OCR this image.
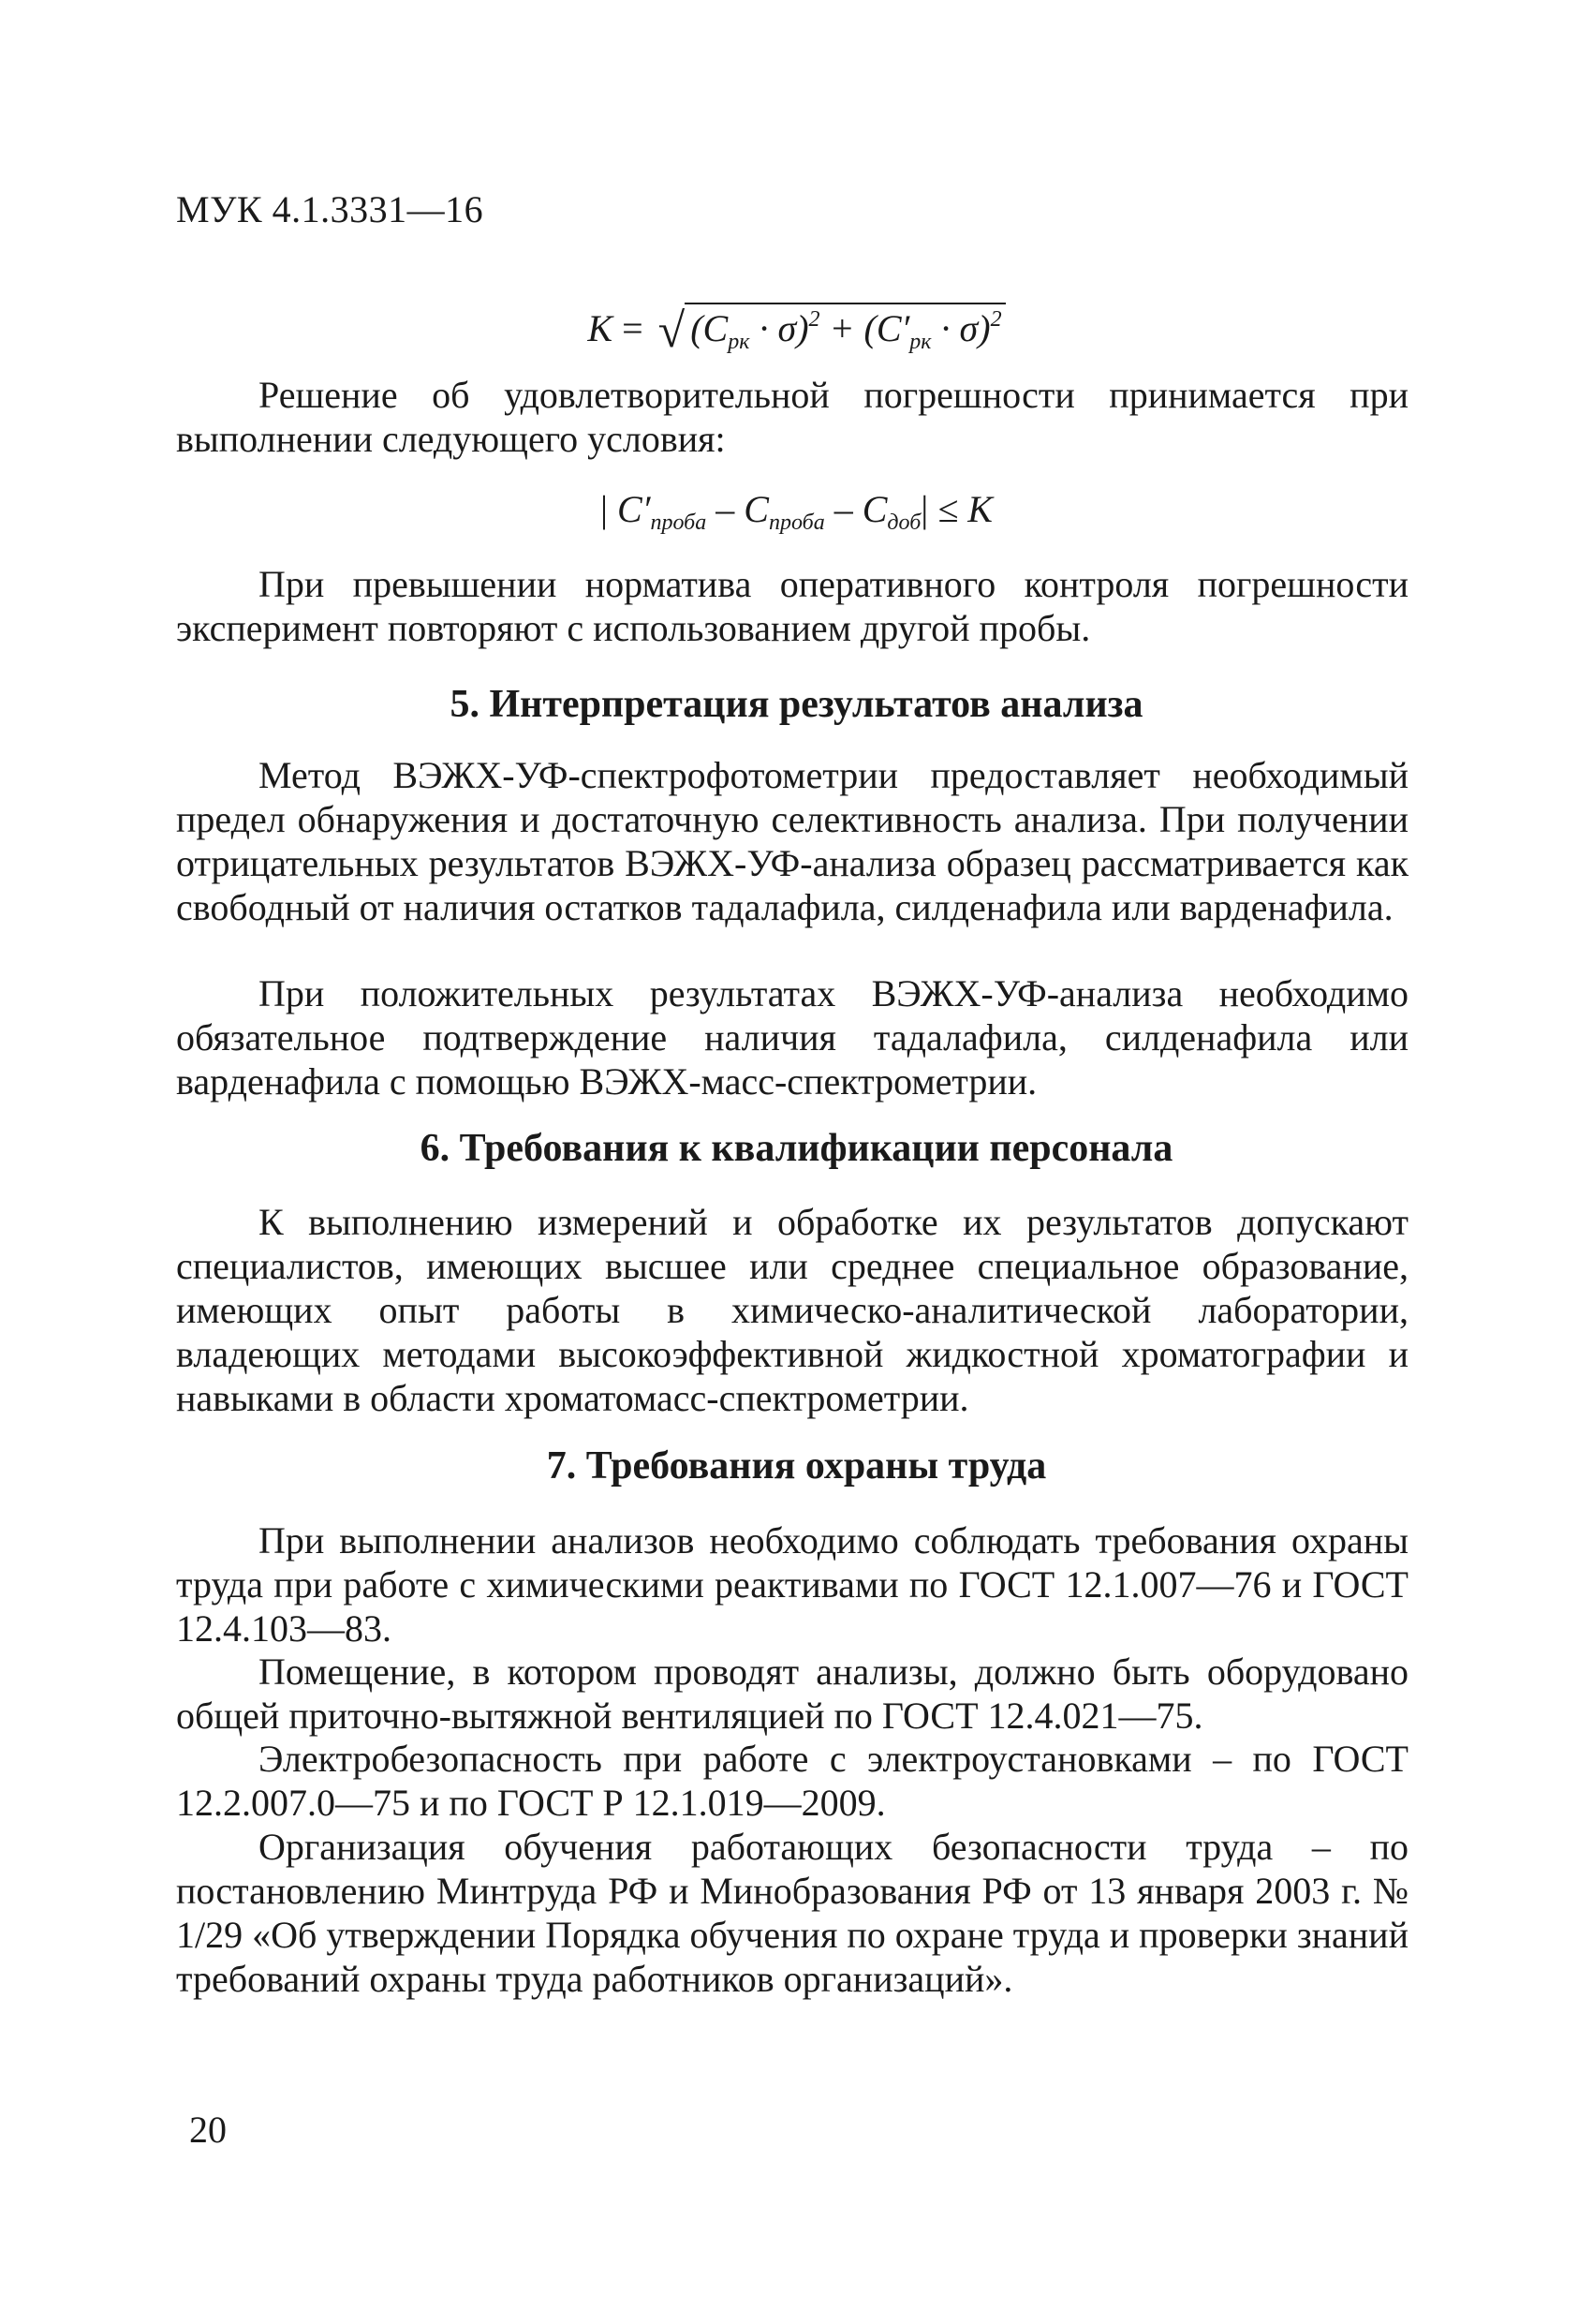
МУК 4.1.3331—16
K = √ $(C_{рк} \cdot \sigma)^2 + (C'_{рк} \cdot \sigma)^2$

Решение об удовлетворительной погрешности принимается при выполнении следующего условия:

| $C'_{проба} - C_{проба} - C_{доб}| \le K$

При превышении норматива оперативного контроля погрешности эксперимент повторяют с использованием другой пробы.

5. Интерпретация результатов анализа

Метод ВЭЖХ-УФ-спектрофотометрии предоставляет необходимый предел обнаружения и достаточную селективность анализа. При получении отрицательных результатов ВЭЖХ-УФ-анализа образец рассматривается как свободный от наличия остатков тадалафила, силденафила или варденафила.

При положительных результатах ВЭЖХ-УФ-анализа необходимо обязательное подтверждение наличия тадалафила, силденафила или варденафила с помощью ВЭЖХ-масс-спектрометрии.

6. Требования к квалификации персонала

К выполнению измерений и обработке их результатов допускают специалистов, имеющих высшее или среднее специальное образование, имеющих опыт работы в химическо-аналитической лаборатории, владеющих методами высокоэффективной жидкостной хроматографии и навыками в области хроматомасс-спектрометрии.

7. Требования охраны труда

При выполнении анализов необходимо соблюдать требования охраны труда при работе с химическими реактивами по ГОСТ 12.1.007—76 и ГОСТ 12.4.103—83.

Помещение, в котором проводят анализы, должно быть оборудовано общей приточно-вытяжной вентиляцией по ГОСТ 12.4.021—75.

Электробезопасность при работе с электроустановками – по ГОСТ 12.2.007.0—75 и по ГОСТ Р 12.1.019—2009.

Организация обучения работающих безопасности труда – по постановлению Минтруда РФ и Минобразования РФ от 13 января 2003 г. № 1/29 «Об утверждении Порядка обучения по охране труда и проверки знаний требований охраны труда работников организаций».

20
